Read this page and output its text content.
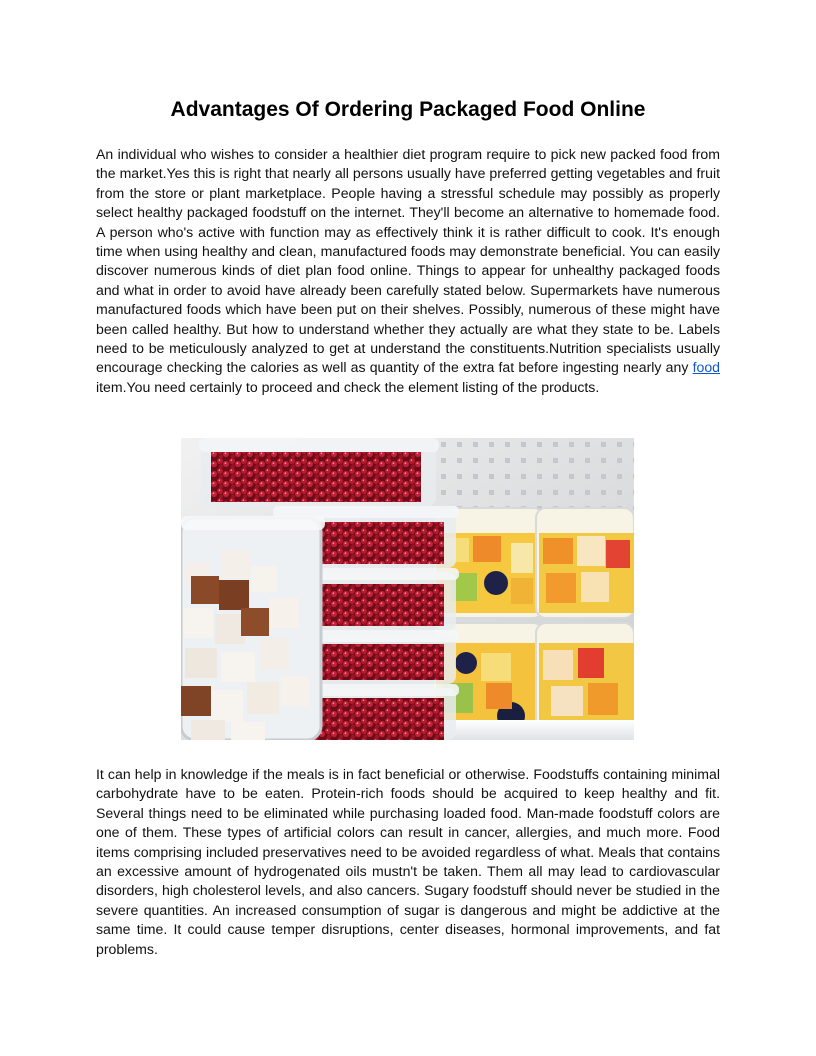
Advantages Of Ordering Packaged Food Online

An individual who wishes to consider a healthier diet program require to pick new packed food from the market.Yes this is right that nearly all persons usually have preferred getting vegetables and fruit from the store or plant marketplace. People having a stressful schedule may possibly as properly select healthy packaged foodstuff on the internet. They'll become an alternative to homemade food. A person who's active with function may as effectively think it is rather difficult to cook. It's enough time when using healthy and clean, manufactured foods may demonstrate beneficial. You can easily discover numerous kinds of diet plan food online. Things to appear for unhealthy packaged foods and what in order to avoid have already been carefully stated below. Supermarkets have numerous manufactured foods which have been put on their shelves. Possibly, numerous of these might have been called healthy. But how to understand whether they actually are what they state to be. Labels need to be meticulously analyzed to get at understand the constituents.Nutrition specialists usually encourage checking the calories as well as quantity of the extra fat before ingesting nearly any food item.You need certainly to proceed and check the element listing of the products.

It can help in knowledge if the meals is in fact beneficial or otherwise. Foodstuffs containing minimal carbohydrate have to be eaten. Protein-rich foods should be acquired to keep healthy and fit. Several things need to be eliminated while purchasing loaded food. Man-made foodstuff colors are one of them. These types of artificial colors can result in cancer, allergies, and much more. Food items comprising included preservatives need to be avoided regardless of what. Meals that contains an excessive amount of hydrogenated oils mustn't be taken. Them all may lead to cardiovascular disorders, high cholesterol levels, and also cancers. Sugary foodstuff should never be studied in the severe quantities. An increased consumption of sugar is dangerous and might be addictive at the same time. It could cause temper disruptions, center diseases, hormonal improvements, and fat problems.
